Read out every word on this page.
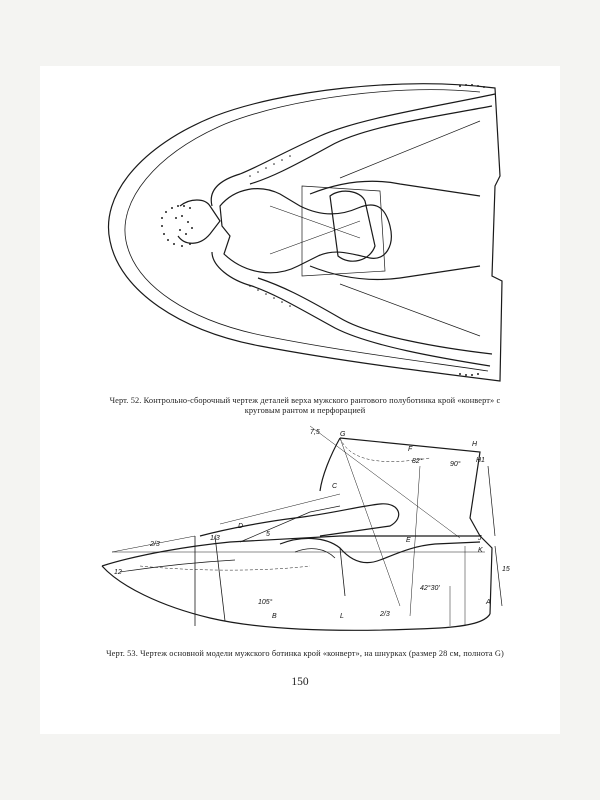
Черт. 52. Контрольно-сборочный чертеж деталей верха мужского рантового полуботинка крой «конверт» с круговым рантом и перфорацией
7,5	G
F
H
H1
82°	90°
C
D
E	J
K
A
B	L
105°
42°30'
1/3
2/3
2/3
12
5
15
Черт. 53. Чертеж основной модели мужского ботинка крой «конверт», на шнурках (размер 28 см, полнота G)
150
